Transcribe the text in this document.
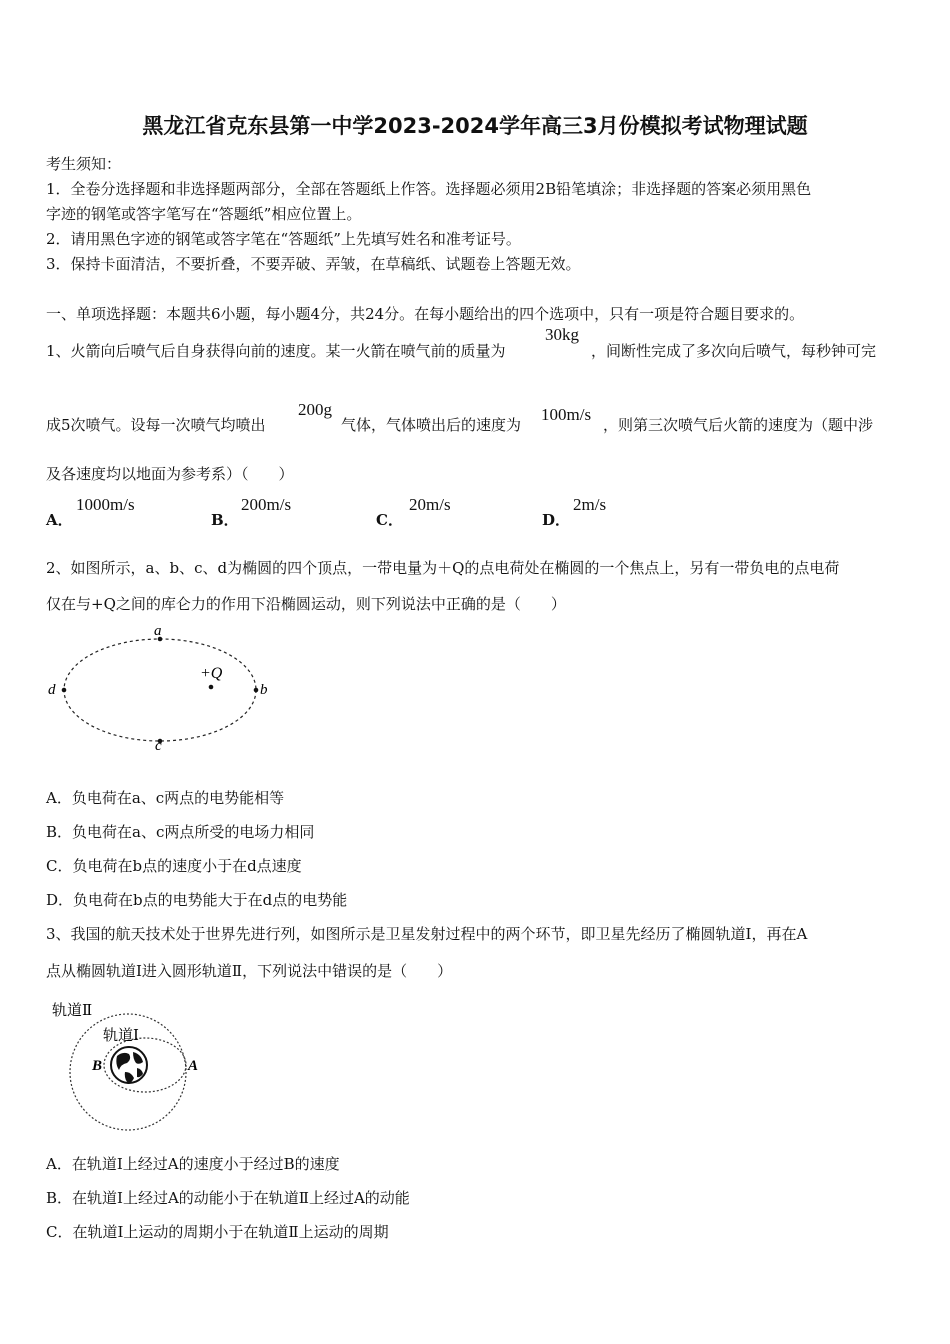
黑龙江省克东县第一中学2023-2024学年高三3月份模拟考试物理试题
考生须知：
1．全卷分选择题和非选择题两部分，全部在答题纸上作答。选择题必须用2B铅笔填涂；非选择题的答案必须用黑色
字迹的钢笔或答字笔写在“答题纸”相应位置上。
2．请用黑色字迹的钢笔或答字笔在“答题纸”上先填写姓名和准考证号。
3．保持卡面清洁，不要折叠，不要弄破、弄皱，在草稿纸、试题卷上答题无效。
一、单项选择题：本题共6小题，每小题4分，共24分。在每小题给出的四个选项中，只有一项是符合题目要求的。
1、火箭向后喷气后自身获得向前的速度。某一火箭在喷气前的质量为
30kg
，间断性完成了多次向后喷气，每秒钟可完
成5次喷气。设每一次喷气均喷出
200g
气体，气体喷出后的速度为
100m/s
，则第三次喷气后火箭的速度为（题中涉
及各速度均以地面为参考系）（　　）
A．
1000m/s
B．
200m/s
C．
20m/s
D．
2m/s
2、如图所示，a、b、c、d为椭圆的四个顶点，一带电量为＋Q的点电荷处在椭圆的一个焦点上，另有一带负电的点电荷
仅在与+Q之间的库仑力的作用下沿椭圆运动，则下列说法中正确的是（　　）
a
b
c
d
+Q
A．负电荷在a、c两点的电势能相等
B．负电荷在a、c两点所受的电场力相同
C．负电荷在b点的速度小于在d点速度
D．负电荷在b点的电势能大于在d点的电势能
3、我国的航天技术处于世界先进行列，如图所示是卫星发射过程中的两个环节，即卫星先经历了椭圆轨道I，再在A
点从椭圆轨道I进入圆形轨道Ⅱ，下列说法中错误的是（　　）
轨道Ⅱ
轨道Ⅰ
B	A
A．在轨道I上经过A的速度小于经过B的速度
B．在轨道I上经过A的动能小于在轨道Ⅱ上经过A的动能
C．在轨道I上运动的周期小于在轨道Ⅱ上运动的周期
